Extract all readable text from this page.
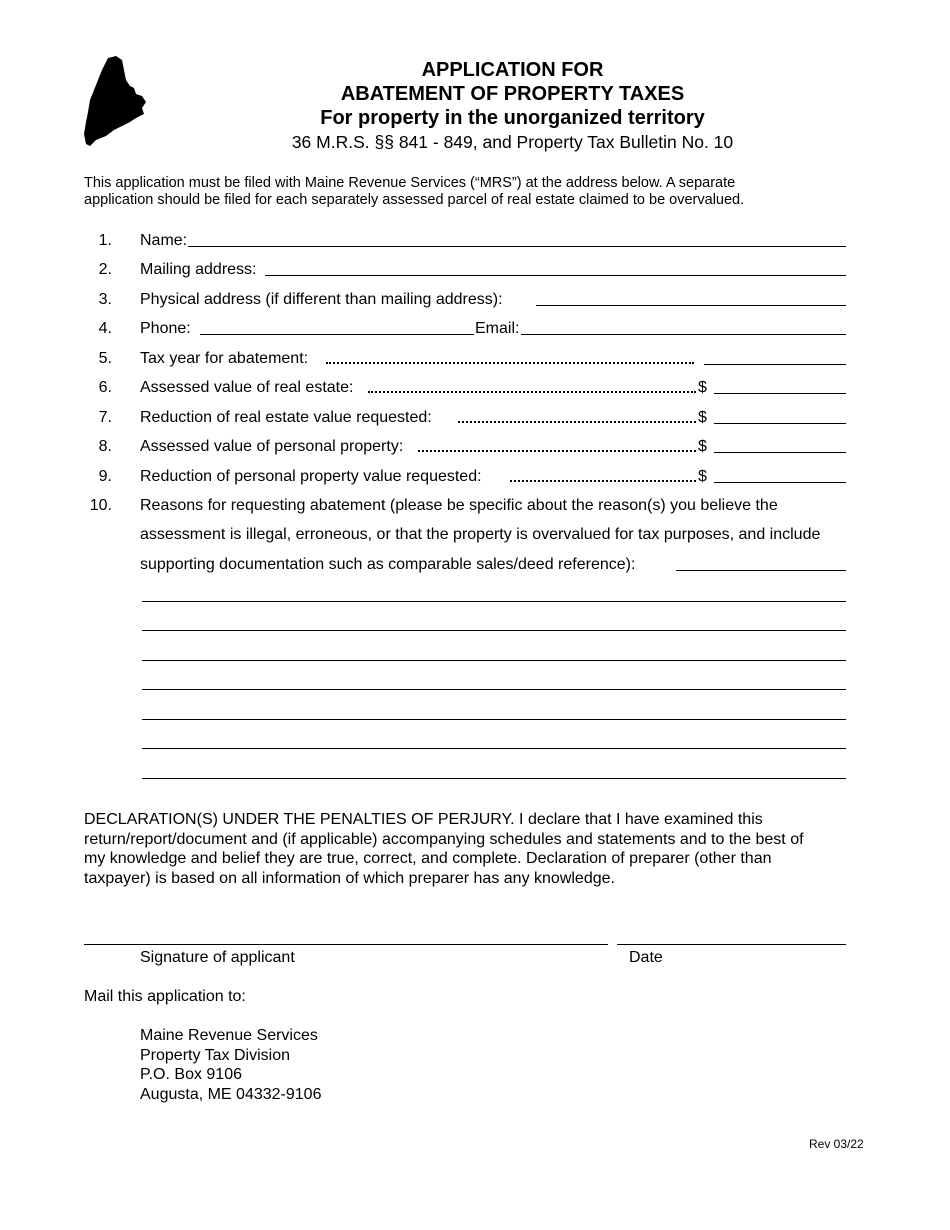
APPLICATION FOR
ABATEMENT OF PROPERTY TAXES
For property in the unorganized territory
36 M.R.S. §§ 841 - 849, and Property Tax Bulletin No. 10
This application must be filed with Maine Revenue Services (“MRS”) at the address below. A separate
application should be filed for each separately assessed parcel of real estate claimed to be overvalued.
1. Name:
2. Mailing address:
3. Physical address (if different than mailing address):
4. Phone:	Email:
5. Tax year for abatement:
6. Assessed value of real estate:	$
7. Reduction of real estate value requested:	$
8. Assessed value of personal property:	$
9. Reduction of personal property value requested:	$
10. Reasons for requesting abatement (please be specific about the reason(s) you believe the
assessment is illegal, erroneous, or that the property is overvalued for tax purposes, and include
supporting documentation such as comparable sales/deed reference):
DECLARATION(S) UNDER THE PENALTIES OF PERJURY. I declare that I have examined this
return/report/document and (if applicable) accompanying schedules and statements and to the best of
my knowledge and belief they are true, correct, and complete. Declaration of preparer (other than
taxpayer) is based on all information of which preparer has any knowledge.
Signature of applicant	Date
Mail this application to:
Maine Revenue Services
Property Tax Division
P.O. Box 9106
Augusta, ME 04332-9106
Rev 03/22
